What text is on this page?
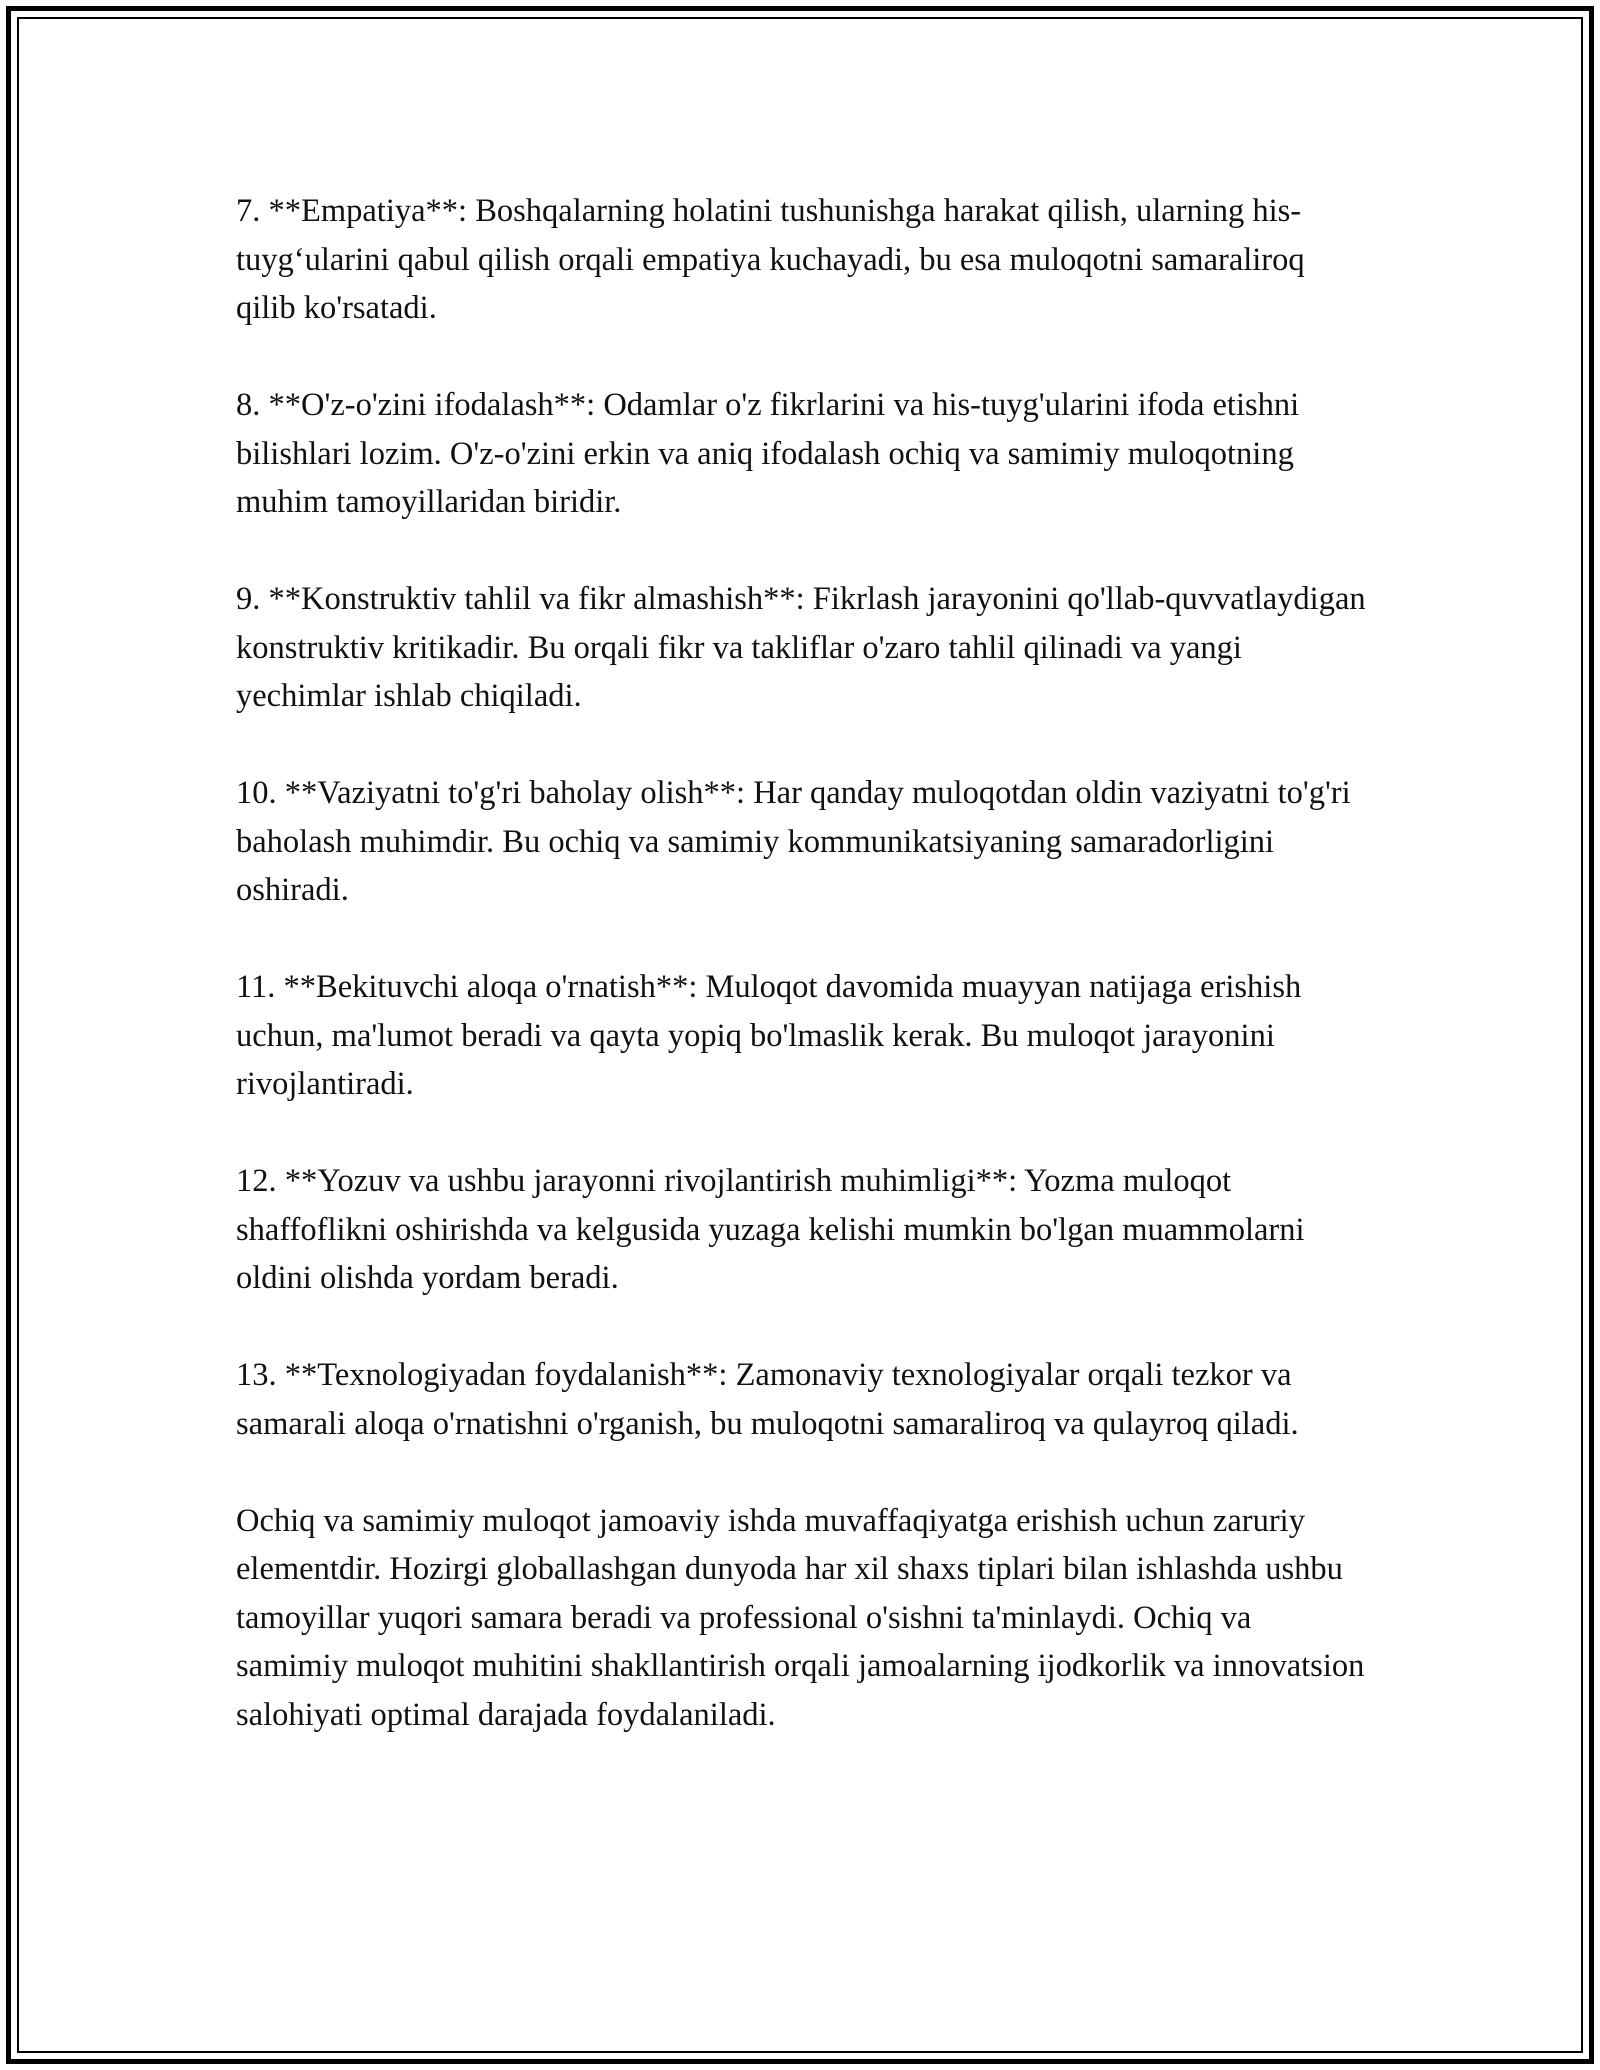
7. **Empatiya**: Boshqalarning holatini tushunishga harakat qilish, ularning his-tuyg‘ularini qabul qilish orqali empatiya kuchayadi, bu esa muloqotni samaraliroq qilib ko'rsatadi.

8. **O'z-o'zini ifodalash**: Odamlar o'z fikrlarini va his-tuyg'ularini ifoda etishni bilishlari lozim. O'z-o'zini erkin va aniq ifodalash ochiq va samimiy muloqotning muhim tamoyillaridan biridir.

9. **Konstruktiv tahlil va fikr almashish**: Fikrlash jarayonini qo'llab-quvvatlaydigan konstruktiv kritikadir. Bu orqali fikr va takliflar o'zaro tahlil qilinadi va yangi yechimlar ishlab chiqiladi.

10. **Vaziyatni to'g'ri baholay olish**: Har qanday muloqotdan oldin vaziyatni to'g'ri baholash muhimdir. Bu ochiq va samimiy kommunikatsiyaning samaradorligini oshiradi.

11. **Bekituvchi aloqa o'rnatish**: Muloqot davomida muayyan natijaga erishish uchun, ma'lumot beradi va qayta yopiq bo'lmaslik kerak. Bu muloqot jarayonini rivojlantiradi.

12. **Yozuv va ushbu jarayonni rivojlantirish muhimligi**: Yozma muloqot shaffoflikni oshirishda va kelgusida yuzaga kelishi mumkin bo'lgan muammolarni oldini olishda yordam beradi.

13. **Texnologiyadan foydalanish**: Zamonaviy texnologiyalar orqali tezkor va samarali aloqa o'rnatishni o'rganish, bu muloqotni samaraliroq va qulayroq qiladi.

Ochiq va samimiy muloqot jamoaviy ishda muvaffaqiyatga erishish uchun zaruriy elementdir. Hozirgi globallashgan dunyoda har xil shaxs tiplari bilan ishlashda ushbu tamoyillar yuqori samara beradi va professional o'sishni ta'minlaydi. Ochiq va samimiy muloqot muhitini shakllantirish orqali jamoalarning ijodkorlik va innovatsion salohiyati optimal darajada foydalaniladi.
